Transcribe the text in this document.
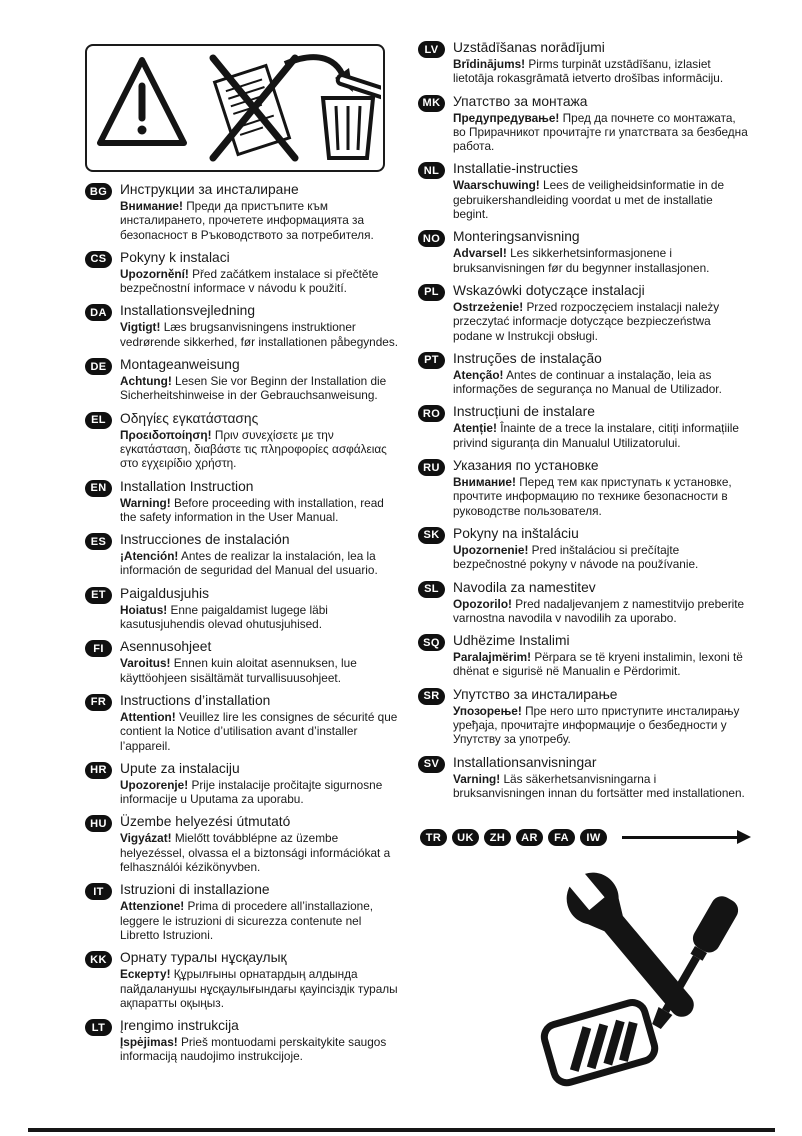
BG Инструкции за инсталиране
Внимание! Преди да пристъпите към инсталирането, прочетете информацията за безопасност в Ръководството за потребителя.
CS Pokyny k instalaci
Upozornění! Před začátkem instalace si přečtěte bezpečnostní informace v návodu k použití.
DA Installationsvejledning
Vigtigt! Læs brugsanvisningens instruktioner vedrørende sikkerhed, før installationen påbegyndes.
DE Montageanweisung
Achtung! Lesen Sie vor Beginn der Installation die Sicherheitshinweise in der Gebrauchsanweisung.
EL	Οδηγίες εγκατάστασης
Προειδοποίηση! Πριν συνεχίσετε με την εγκατάσταση, διαβάστε τις πληροφορίες ασφάλειας στο εγχειρίδιο χρήστη.
EN Installation Instruction
Warning! Before proceeding with installation, read the safety information in the User Manual.
ES Instrucciones de instalación
¡Atención! Antes de realizar la instalación, lea la información de seguridad del Manual del usuario.
ET	Paigaldusjuhis
Hoiatus! Enne paigaldamist lugege läbi kasutusjuhendis olevad ohutusjuhised.
FI	Asennusohjeet
Varoitus! Ennen kuin aloitat asennuksen, lue käyttöohjeen sisältämät turvallisuusohjeet.
FR Instructions d’installation
Attention! Veuillez lire les consignes de sécurité que contient la Notice d’utilisation avant d’installer l’appareil.
HR Upute za instalaciju
Upozorenje! Prije instalacije pročitajte sigurnosne informacije u Uputama za uporabu.
HU Üzembe helyezési útmutató
Vigyázat! Mielőtt továbblépne az üzembe helyezéssel, olvassa el a biztonsági információkat a felhasználói kézikönyvben.
IT	Istruzioni di installazione
Attenzione! Prima di procedere all’installazione, leggere le istruzioni di sicurezza contenute nel Libretto Istruzioni.
KK Орнату туралы нұсқаулық
Ескерту! Құрылғыны орнатардың алдында пайдаланушы нұсқаулығындағы қауіпсіздік туралы ақпаратты оқыңыз.
LT	Įrengimo instrukcija
Įspėjimas! Prieš montuodami perskaitykite saugos informaciją naudojimo instrukcijoje.
LV	Uzstādīšanas norādījumi
Brīdinājums! Pirms turpināt uzstādīšanu, izlasiet lietotāja rokasgrāmatā ietverto drošības informāciju.
MK Упатство за монтажа
Предупредување! Пред да почнете со монтажата, во Прирачникот прочитајте ги упатствата за безбедна работа.
NL Installatie-instructies
Waarschuwing! Lees de veiligheidsinformatie in de gebruikershandleiding voordat u met de installatie begint.
NO Monteringsanvisning
Advarsel! Les sikkerhetsinformasjonene i bruksanvisningen før du begynner installasjonen.
PL	Wskazówki dotyczące instalacji
Ostrzeżenie! Przed rozpoczęciem instalacji należy przeczytać informacje dotyczące bezpieczeństwa podane w Instrukcji obsługi.
PT	Instruções de instalação
Atenção! Antes de continuar a instalação, leia as informações de segurança no Manual de Utilizador.
RO Instrucțiuni de instalare
Atenție! Înainte de a trece la instalare, citiți informațiile privind siguranța din Manualul Utilizatorului.
RU Указания по установке
Внимание! Перед тем как приступать к установке, прочтите информацию по технике безопасности в руководстве пользователя.
SK Pokyny na inštaláciu
Upozornenie! Pred inštaláciou si prečítajte bezpečnostné pokyny v návode na používanie.
SL	Navodila za namestitev
Opozorilo! Pred nadaljevanjem z namestitvijo preberite varnostna navodila v navodilih za uporabo.
SQ Udhëzime Instalimi
Paralajmërim! Përpara se të kryeni instalimin, lexoni të dhënat e sigurisë në Manualin e Përdorimit.
SR Упутство за инсталирање
Упозорење! Пре него што приступите инсталирању уређаја, прочитајте информације о безбедности у Упутству за употребу.
SV Installationsanvisningar
Varning! Läs säkerhetsanvisningarna i bruksanvisningen innan du fortsätter med installationen.
TR	UK	ZH	AR	FA	IW
